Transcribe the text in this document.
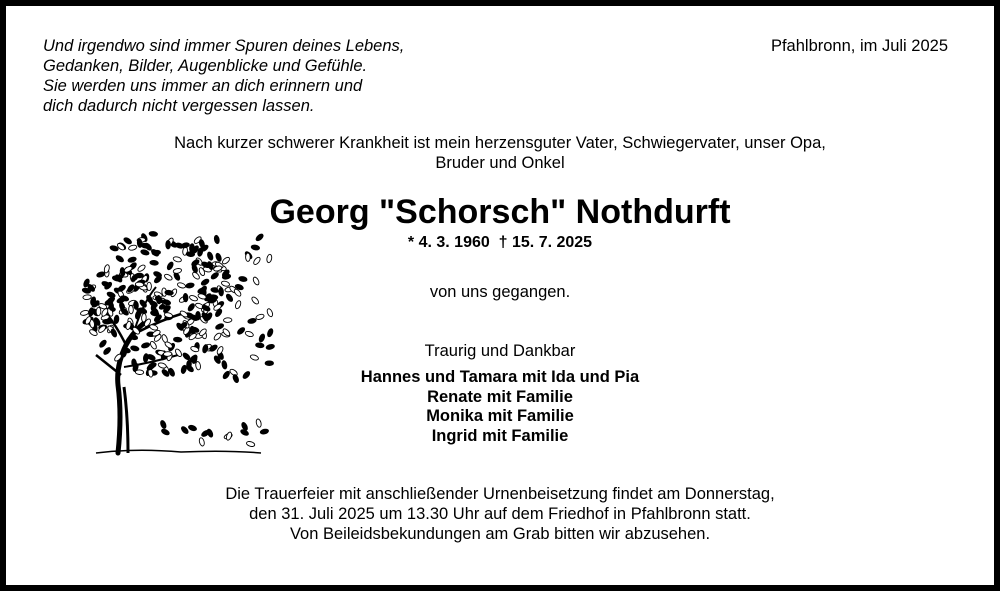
Und irgendwo sind immer Spuren deines Lebens,
Gedanken, Bilder, Augenblicke und Gefühle.
Sie werden uns immer an dich erinnern und
dich dadurch nicht vergessen lassen.
Pfahlbronn, im Juli 2025
Nach kurzer schwerer Krankheit ist mein herzensguter Vater, Schwiegervater, unser Opa,
Bruder und Onkel
Georg "Schorsch" Nothdurft
* 4. 3. 1960  † 15. 7. 2025
von uns gegangen.
Traurig und Dankbar
Hannes und Tamara mit Ida und Pia
Renate mit Familie
Monika mit Familie
Ingrid mit Familie
Die Trauerfeier mit anschließender Urnenbeisetzung findet am Donnerstag,
den 31. Juli 2025 um 13.30 Uhr auf dem Friedhof in Pfahlbronn statt.
Von Beileidsbekundungen am Grab bitten wir abzusehen.
